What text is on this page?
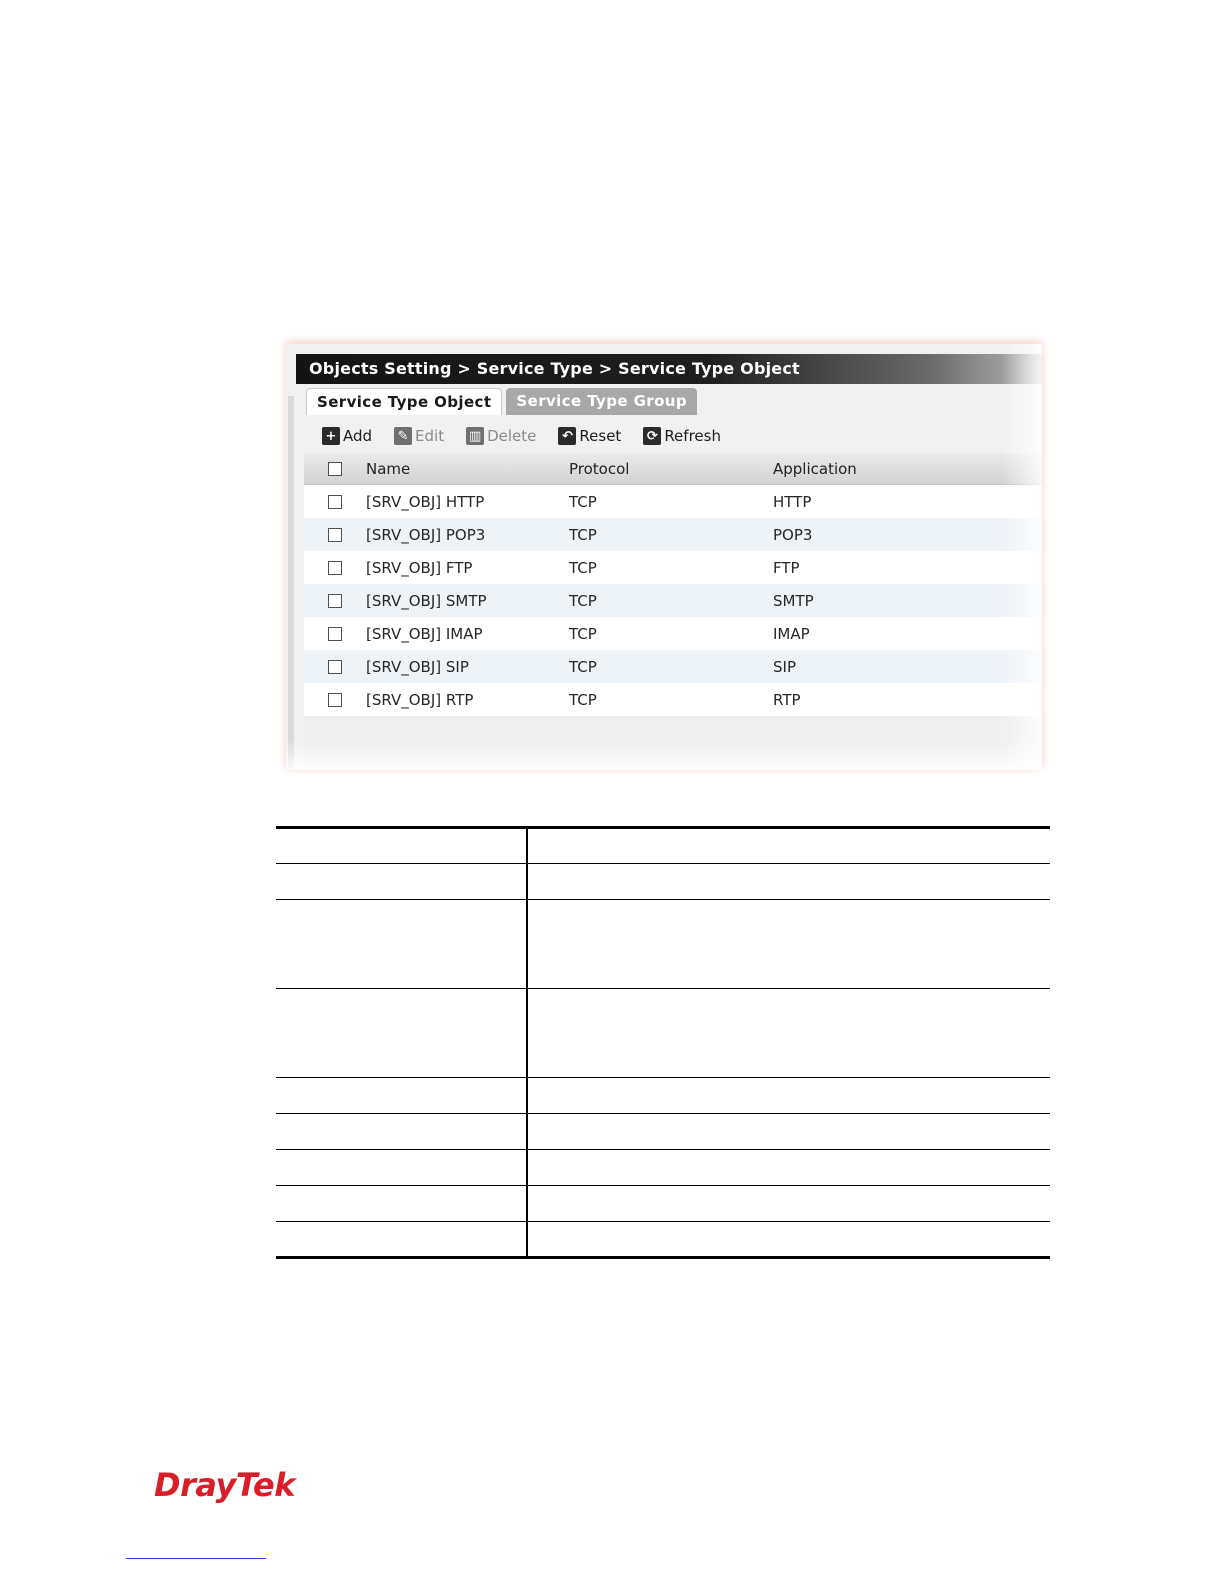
Objects Setting > Service Type > Service Type Object
Service Type Object	Service Type Group
+ Add ✎ Edit ▥ Delete ↶ Reset ⟳ Refresh
Name	Protocol	Application
[SRV_OBJ] HTTP	TCP	HTTP
[SRV_OBJ] POP3	TCP	POP3
[SRV_OBJ] FTP	TCP	FTP
[SRV_OBJ] SMTP	TCP	SMTP
[SRV_OBJ] IMAP	TCP	IMAP
[SRV_OBJ] SIP	TCP	SIP
[SRV_OBJ] RTP	TCP	RTP

DrayTek
